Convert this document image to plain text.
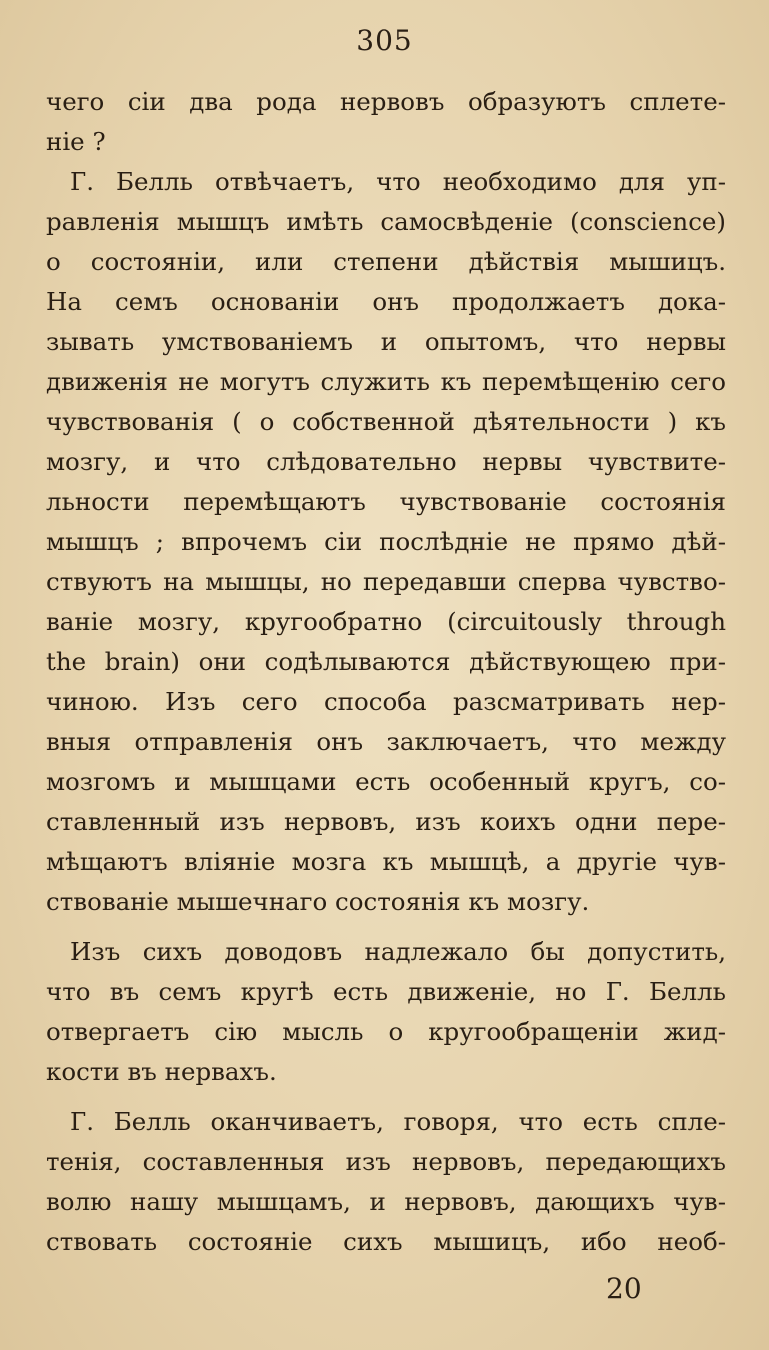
305
чего сіи два рода нервовъ образуютъ сплете-
ніе ?
Г. Белль отвѣчаетъ, что необходимо для уп-
равленія мышцъ имѣть самосвѣденіе (conscience)
о состояніи, или степени дѣйствія мышицъ.
На семъ основаніи онъ продолжаетъ дока-
зывать умствованіемъ и опытомъ, что нервы
движенія не могутъ служить къ перемѣщенію сего
чувствованія ( о собственной дѣятельности ) къ
мозгу, и что слѣдовательно нервы чувствите-
льности перемѣщаютъ чувствованіе состоянія
мышцъ ; впрочемъ сіи послѣдніе не прямо дѣй-
ствуютъ на мышцы, но передавши сперва чувство-
ваніе мозгу, кругообратно (circuitously through
the brain) они содѣлываются дѣйствующею при-
чиною. Изъ сего способа разсматривать нер-
вныя отправленія онъ заключаетъ, что между
мозгомъ и мышцами есть особенный кругъ, со-
ставленный изъ нервовъ, изъ коихъ одни пере-
мѣщаютъ вліяніе мозга къ мышцѣ, а другіе чув-
ствованіе мышечнаго состоянія къ мозгу.
Изъ сихъ доводовъ надлежало бы допустить,
что въ семъ кругѣ есть движеніе, но Г. Белль
отвергаетъ сію мысль о кругообращеніи жид-
кости въ нервахъ.
Г. Белль оканчиваетъ, говоря, что есть спле-
тенія, составленныя изъ нервовъ, передающихъ
волю нашу мышцамъ, и нервовъ, дающихъ чув-
ствовать состояніе сихъ мышицъ, ибо необ-
20
